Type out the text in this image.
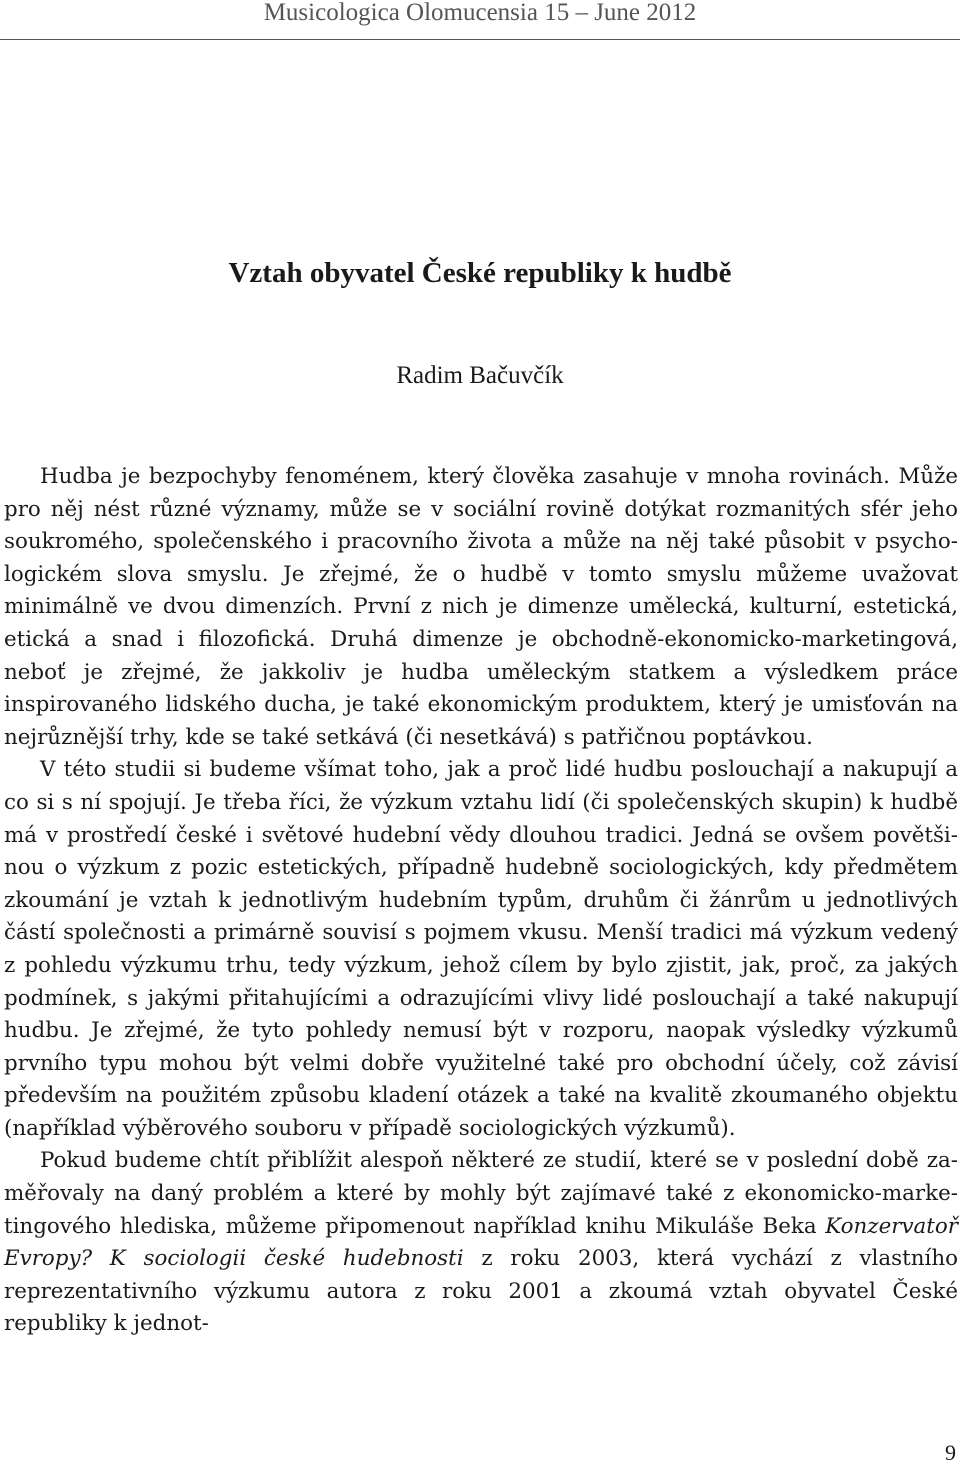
Musicologica Olomucensia 15 – June 2012
Vztah obyvatel České republiky k hudbě
Radim Bačuvčík

Hudba je bezpochyby fenoménem, který člověka zasahuje v mnoha rovinách. Může pro něj nést různé významy, může se v sociální rovině dotýkat rozmanitých sfér jeho soukromého, společenského i pracovního života a může na něj také působit v psychologickém slova smyslu. Je zřejmé, že o hudbě v tomto smyslu můžeme uvažovat minimálně ve dvou dimenzích. První z nich je dimenze umělecká, kulturní, estetická, etická a snad i filozofická. Druhá dimenze je obchodně-ekonomicko-marketingová, neboť je zřejmé, že jakkoliv je hudba uměleckým statkem a výsledkem práce inspirovaného lidského ducha, je také ekonomickým produktem, který je umisťován na nejrůznější trhy, kde se také setkává (či nesetkává) s patřičnou poptávkou.

V této studii si budeme všímat toho, jak a proč lidé hudbu poslouchají a nakupují a co si s ní spojují. Je třeba říci, že výzkum vztahu lidí (či společenských skupin) k hudbě má v prostředí české i světové hudební vědy dlouhou tradici. Jedná se ovšem povětšinou o výzkum z pozic estetických, případně hudebně sociologických, kdy předmětem zkoumání je vztah k jednotlivým hudebním typům, druhům či žánrům u jednotlivých částí společnosti a primárně souvisí s pojmem vkusu. Menší tradici má výzkum vedený z pohledu výzkumu trhu, tedy výzkum, jehož cílem by bylo zjistit, jak, proč, za jakých podmínek, s jakými přitahujícími a odrazujícími vlivy lidé poslouchají a také nakupují hudbu. Je zřejmé, že tyto pohledy nemusí být v rozporu, naopak výsledky výzkumů prvního typu mohou být velmi dobře využitelné také pro obchodní účely, což závisí především na použitém způsobu kladení otázek a také na kvalitě zkoumaného objektu (například výběrového souboru v případě sociologických výzkumů).

Pokud budeme chtít přiblížit alespoň některé ze studií, které se v poslední době zaměřovaly na daný problém a které by mohly být zajímavé také z ekonomicko-marketingového hlediska, můžeme připomenout například knihu Mikuláše Beka Konzervatoř Evropy? K sociologii české hudebnosti z roku 2003, která vychází z vlastního reprezentativního výzkumu autora z roku 2001 a zkoumá vztah obyvatel České republiky k jednot-

9
